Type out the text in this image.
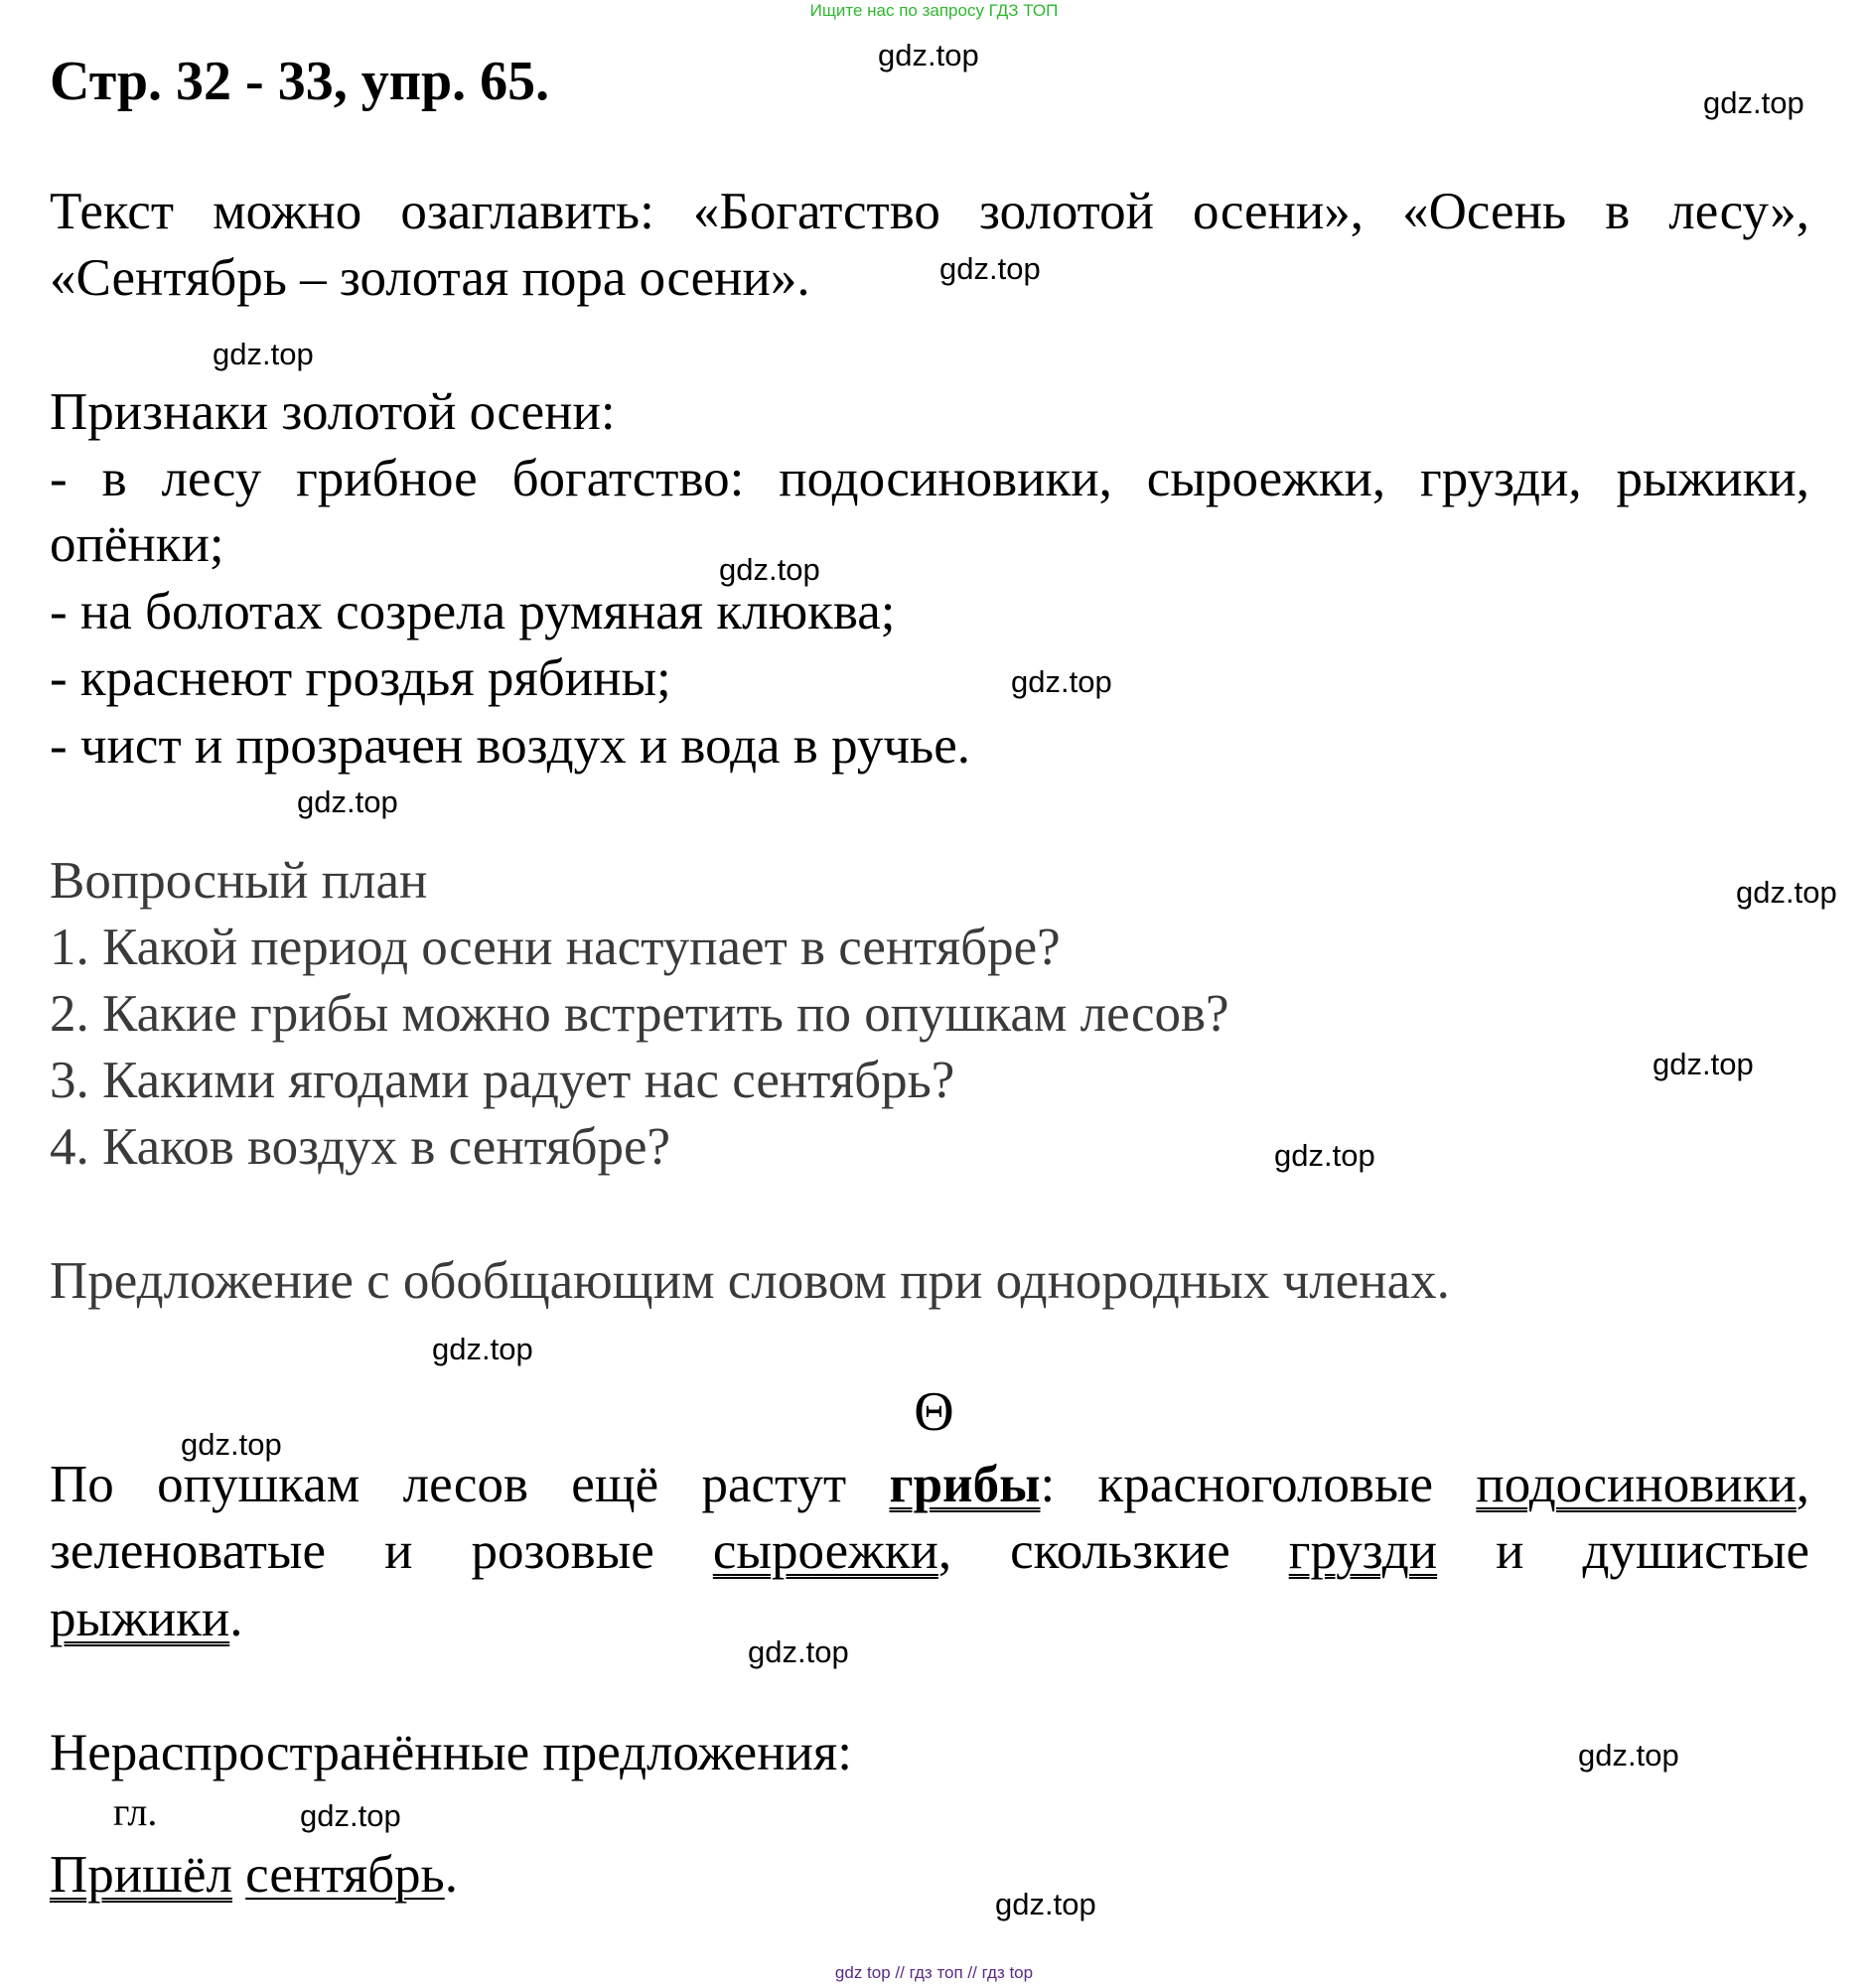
Ищите нас по запросу ГДЗ ТОП
Стр. 32 - 33, упр. 65.	gdz.top
gdz.top
gdz.top
gdz.top
gdz.top
gdz.top
gdz.top
gdz.top
gdz.top
gdz.top
gdz.top
gdz.top
gdz.top
gdz.top
gdz.top
gdz.top
Текст можно озаглавить: «Богатство золотой осени», «Осень в лесу»,
«Сентябрь – золотая пора осени».
Признаки золотой осени:
- в лесу грибное богатство: подосиновики, сыроежки, грузди, рыжики,
опёнки;
- на болотах созрела румяная клюква;
- краснеют гроздья рябины;
- чист и прозрачен воздух и вода в ручье.
Вопросный план
1. Какой период осени наступает в сентябре?
2. Какие грибы можно встретить по опушкам лесов?
3. Какими ягодами радует нас сентябрь?
4. Каков воздух в сентябре?
Предложение с обобщающим словом при однородных членах.
Θ
По опушкам лесов ещё растут грибы: красноголовые подосиновики,
зеленоватые и розовые сыроежки, скользкие грузди и душистые
рыжики.
Нераспространённые предложения:
гл.
Пришёл сентябрь.
gdz top // гдз топ // гдз top
